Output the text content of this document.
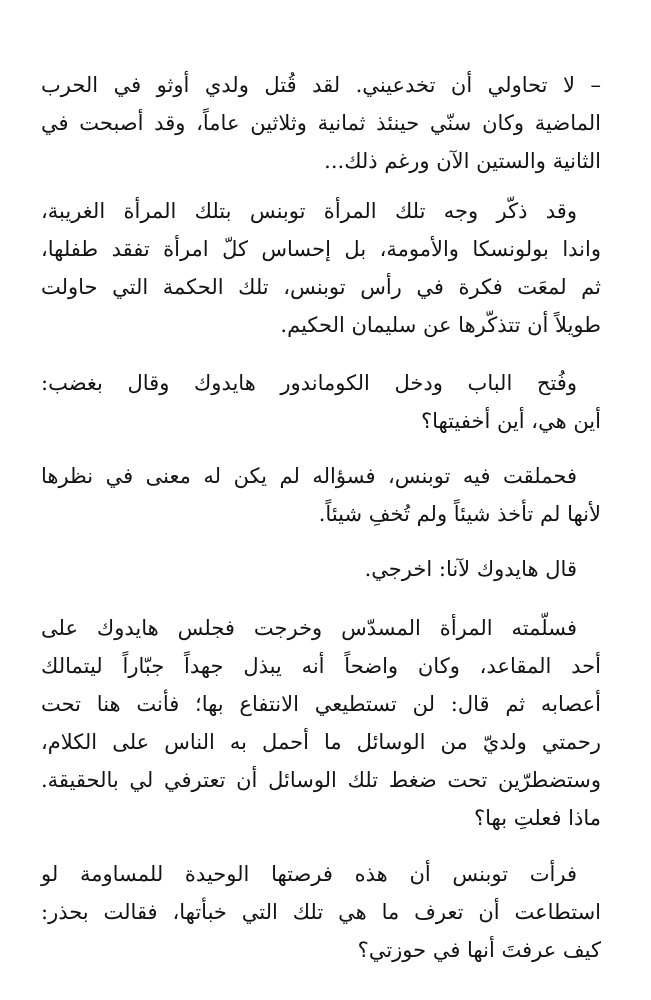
– لا تحاولي أن تخدعيني. لقد قُتل ولدي أوثو في الحرب
الماضية وكان سنّي حينئذ ثمانية وثلاثين عاماً، وقد أصبحت في
الثانية والستين الآن ورغم ذلك...

وقد ذكّر وجه تلك المرأة توبنس بتلك المرأة الغريبة،
واندا بولونسكا والأمومة، بل إحساس كلّ امرأة تفقد طفلها،
ثم لمعَت فكرة في رأس توبنس، تلك الحكمة التي حاولت
طويلاً أن تتذكّرها عن سليمان الحكيم.

وفُتح الباب ودخل الكوماندور هايدوك وقال بغضب:
أين هي، أين أخفيتها؟

فحملقت فيه توبنس، فسؤاله لم يكن له معنى في نظرها
لأنها لم تأخذ شيئاً ولم تُخفِ شيئاً.

قال هايدوك لآنا: اخرجي.

فسلّمته المرأة المسدّس وخرجت فجلس هايدوك على
أحد المقاعد، وكان واضحاً أنه يبذل جهداً جبّاراً ليتمالك
أعصابه ثم قال: لن تستطيعي الانتفاع بها؛ فأنت هنا تحت
رحمتي ولديّ من الوسائل ما أحمل به الناس على الكلام،
وستضطرّين تحت ضغط تلك الوسائل أن تعترفي لي بالحقيقة.
ماذا فعلتِ بها؟

فرأت توبنس أن هذه فرصتها الوحيدة للمساومة لو
استطاعت أن تعرف ما هي تلك التي خبأتها، فقالت بحذر:
كيف عرفتَ أنها في حوزتي؟
